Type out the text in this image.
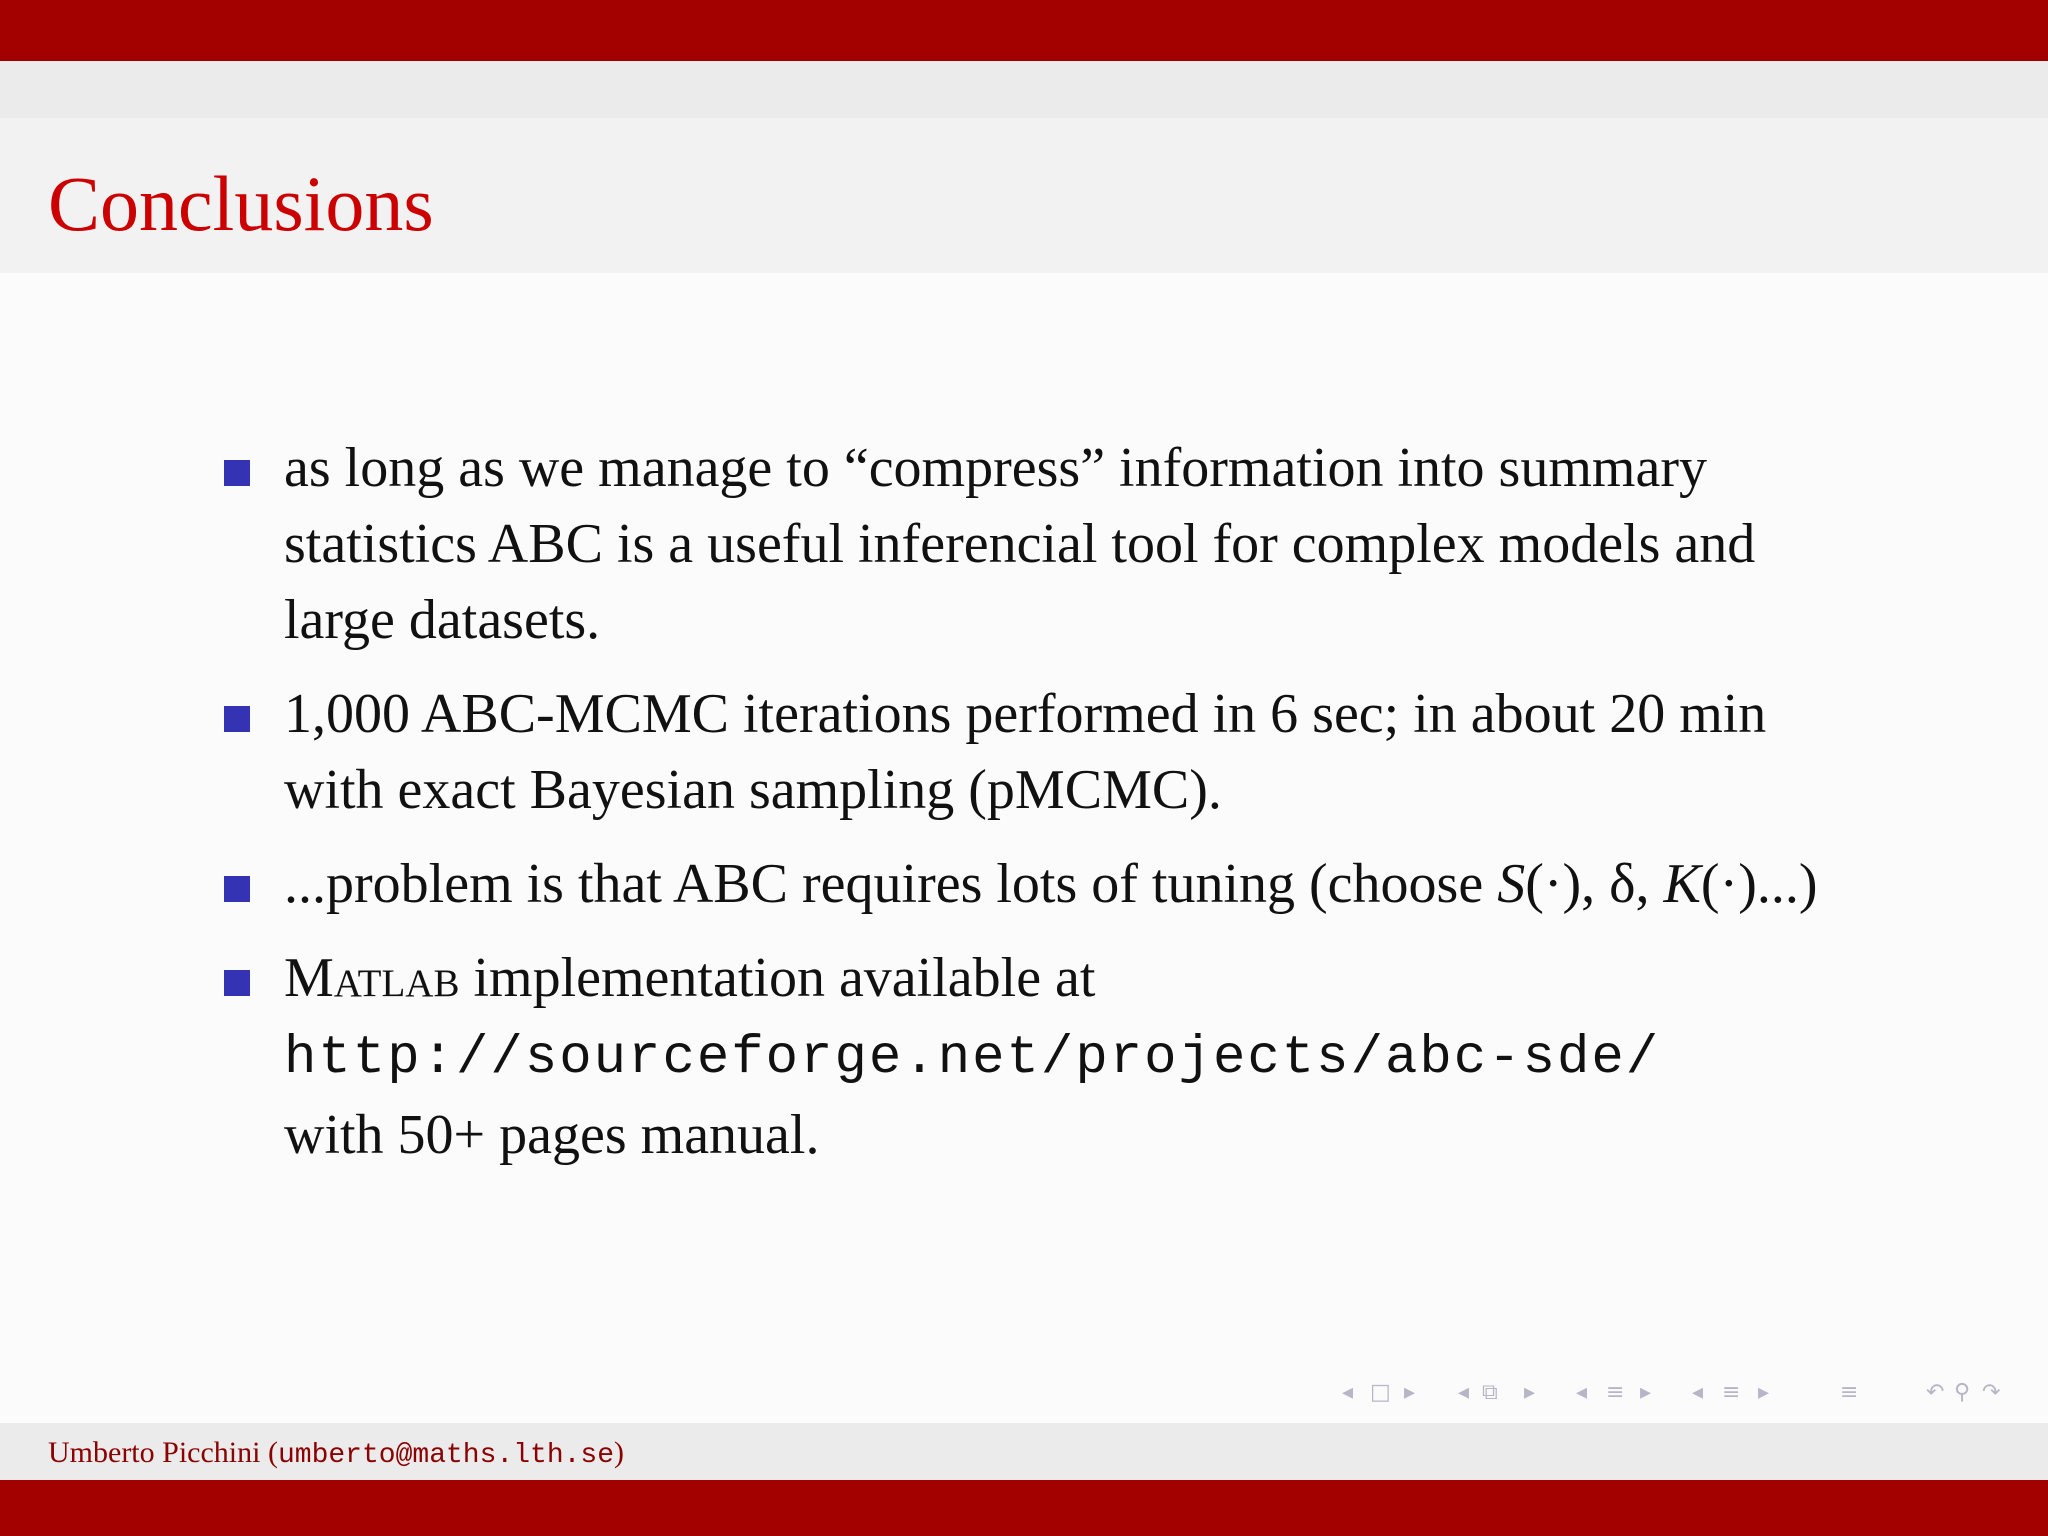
Conclusions
as long as we manage to “compress” information into summary statistics ABC is a useful inferencial tool for complex models and large datasets.
1,000 ABC-MCMC iterations performed in 6 sec; in about 20 min with exact Bayesian sampling (pMCMC).
...problem is that ABC requires lots of tuning (choose S(·), δ, K(·)...)
Matlab implementation available at
http://sourceforge.net/projects/abc-sde/
with 50+ pages manual.
◂ □ ▸ ◂ ⧉ ▸ ◂ ≡ ▸ ◂ ≡ ▸	≡	↶ ⚲ ↷
Umberto Picchini (umberto@maths.lth.se)
